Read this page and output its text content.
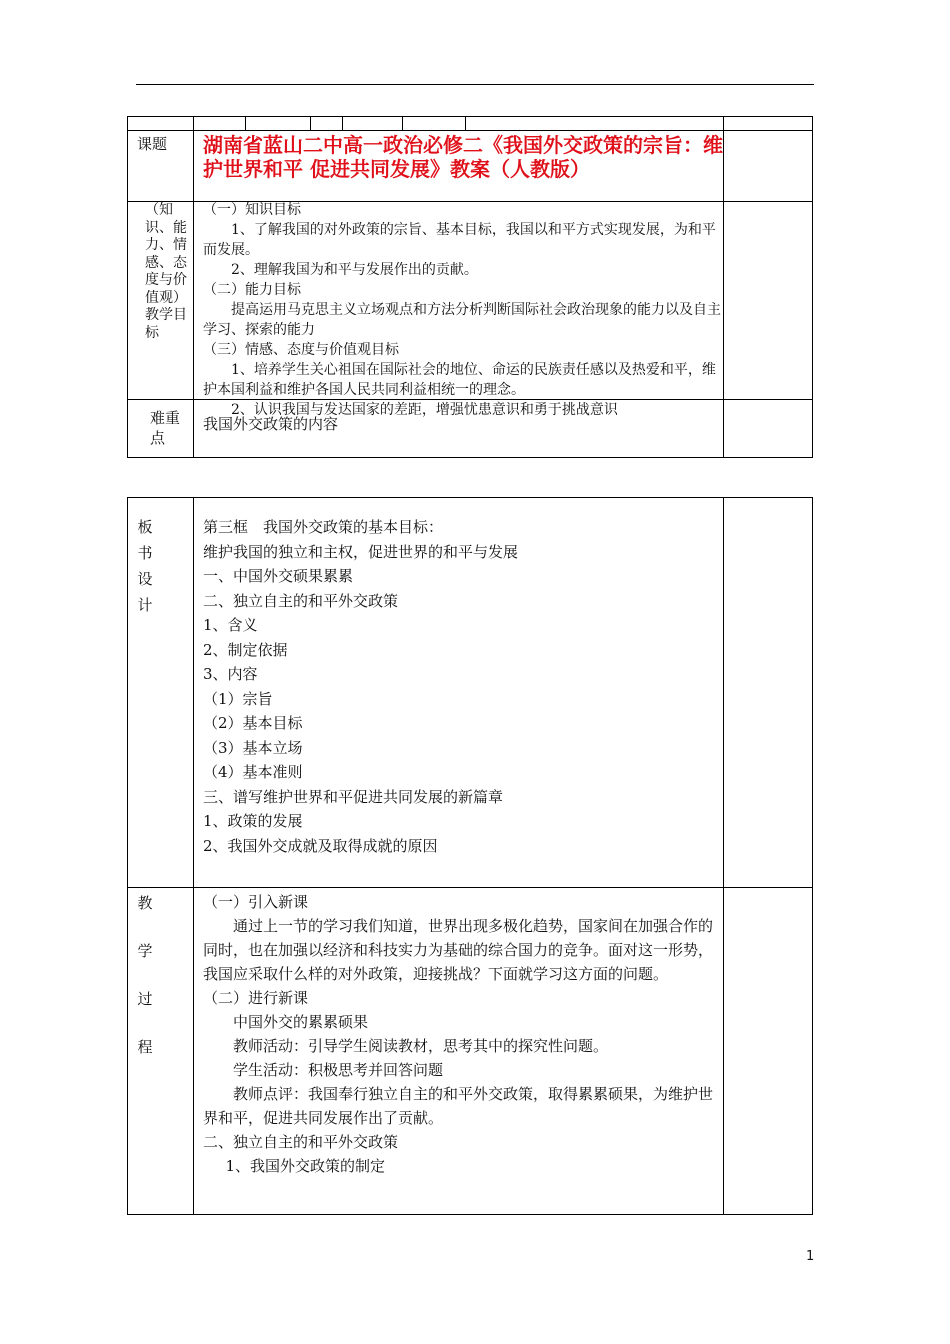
课题 湖南省蓝山二中高一政治必修二《我国外交政策的宗旨：维护世界和平 促进共同发展》教案（人教版）
（知识、能力、情感、态度与价值观）教学目标
（一）知识目标
1、了解我国的对外政策的宗旨、基本目标，我国以和平方式实现发展，为和平而发展。
2、理解我国为和平与发展作出的贡献。
（二）能力目标
提高运用马克思主义立场观点和方法分析判断国际社会政治现象的能力以及自主学习、探索的能力
（三）情感、态度与价值观目标
1、培养学生关心祖国在国际社会的地位、命运的民族责任感以及热爱和平，维护本国利益和维护各国人民共同利益相统一的理念。
2、认识我国与发达国家的差距，增强忧患意识和勇于挑战意识
难重点
我国外交政策的内容
板
书
设
计
第三框　我国外交政策的基本目标：
维护我国的独立和主权，促进世界的和平与发展
一、中国外交硕果累累
二、独立自主的和平外交政策
1、含义
2、制定依据
3、内容
（1）宗旨
（2）基本目标
（3）基本立场
（4）基本准则
三、谱写维护世界和平促进共同发展的新篇章
1、政策的发展
2、我国外交成就及取得成就的原因
教
学
过
程
（一）引入新课
通过上一节的学习我们知道，世界出现多极化趋势，国家间在加强合作的同时，也在加强以经济和科技实力为基础的综合国力的竞争。面对这一形势，我国应采取什么样的对外政策，迎接挑战？下面就学习这方面的问题。
（二）进行新课
中国外交的累累硕果
教师活动：引导学生阅读教材，思考其中的探究性问题。
学生活动：积极思考并回答问题
教师点评：我国奉行独立自主的和平外交政策，取得累累硕果，为维护世界和平，促进共同发展作出了贡献。
二、独立自主的和平外交政策
1、我国外交政策的制定
1
